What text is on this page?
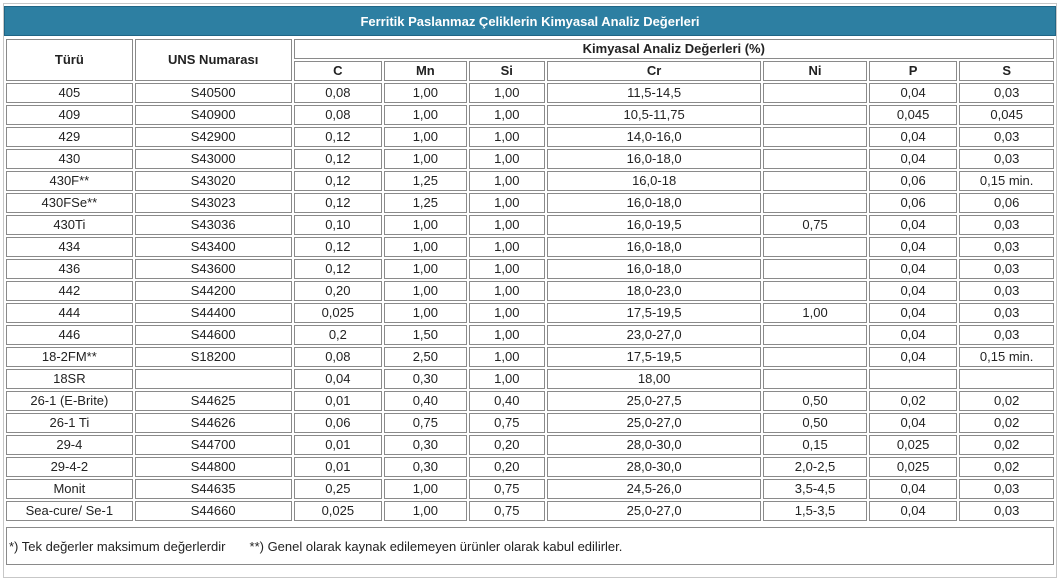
Ferritik Paslanmaz Çeliklerin Kimyasal Analiz Değerleri
Türü	UNS Numarası	Kimyasal Analiz Değerleri (%)						
		C	Mn	Si	Cr	Ni	P	S
405	S40500	0,08	1,00	1,00	11,5-14,5		0,04	0,03
409	S40900	0,08	1,00	1,00	10,5-11,75		0,045	0,045
429	S42900	0,12	1,00	1,00	14,0-16,0		0,04	0,03
430	S43000	0,12	1,00	1,00	16,0-18,0		0,04	0,03
430F**	S43020	0,12	1,25	1,00	16,0-18		0,06	0,15 min.
430FSe**	S43023	0,12	1,25	1,00	16,0-18,0		0,06	0,06
430Ti	S43036	0,10	1,00	1,00	16,0-19,5	0,75	0,04	0,03
434	S43400	0,12	1,00	1,00	16,0-18,0		0,04	0,03
436	S43600	0,12	1,00	1,00	16,0-18,0		0,04	0,03
442	S44200	0,20	1,00	1,00	18,0-23,0		0,04	0,03
444	S44400	0,025	1,00	1,00	17,5-19,5	1,00	0,04	0,03
446	S44600	0,2	1,50	1,00	23,0-27,0		0,04	0,03
18-2FM**	S18200	0,08	2,50	1,00	17,5-19,5		0,04	0,15 min.
18SR		0,04	0,30	1,00	18,00			
26-1 (E-Brite)	S44625	0,01	0,40	0,40	25,0-27,5	0,50	0,02	0,02
26-1 Ti	S44626	0,06	0,75	0,75	25,0-27,0	0,50	0,04	0,02
29-4	S44700	0,01	0,30	0,20	28,0-30,0	0,15	0,025	0,02
29-4-2	S44800	0,01	0,30	0,20	28,0-30,0	2,0-2,5	0,025	0,02
Monit	S44635	0,25	1,00	0,75	24,5-26,0	3,5-4,5	0,04	0,03
Sea-cure/ Se-1	S44660	0,025	1,00	0,75	25,0-27,0	1,5-3,5	0,04	0,03
*) Tek değerler maksimum değerlerdir **) Genel olarak kaynak edilemeyen ürünler olarak kabul edilirler.
